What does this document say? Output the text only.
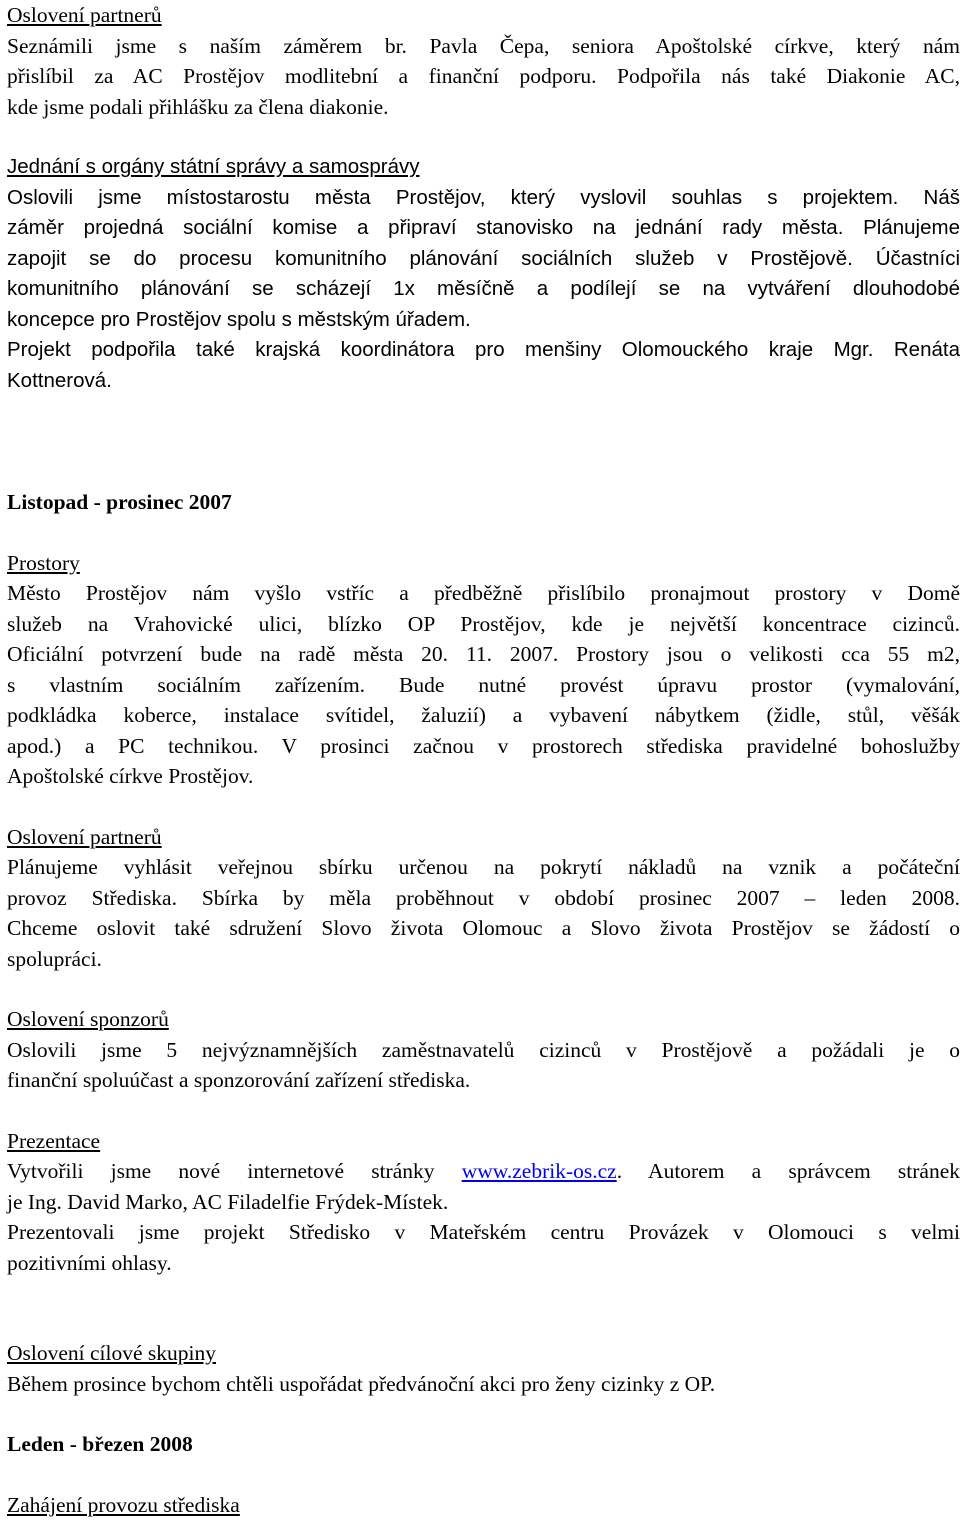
Oslovení partnerů

Seznámili jsme s naším záměrem br. Pavla Čepa, seniora Apoštolské církve, který nám

přislíbil za AC Prostějov modlitební a finanční podporu. Podpořila nás také Diakonie AC,

kde jsme podali přihlášku za člena diakonie.

Jednání s orgány státní správy a samosprávy

Oslovili jsme místostarostu města Prostějov, který vyslovil souhlas s projektem. Náš

záměr projedná sociální komise a připraví stanovisko na jednání rady města. Plánujeme

zapojit se do procesu komunitního plánování sociálních služeb v Prostějově. Účastníci

komunitního plánování se scházejí 1x měsíčně a podílejí se na vytváření dlouhodobé

koncepce pro Prostějov spolu s městským úřadem.

Projekt podpořila také krajská koordinátora pro menšiny Olomouckého kraje Mgr. Renáta

Kottnerová.

Listopad - prosinec 2007

Prostory

Město Prostějov nám vyšlo vstříc a předběžně přislíbilo pronajmout prostory v Domě

služeb na Vrahovické ulici, blízko OP Prostějov, kde je největší koncentrace cizinců.

Oficiální potvrzení bude na radě města 20. 11. 2007. Prostory jsou o velikosti cca 55 m2,

s vlastním sociálním zařízením. Bude nutné provést úpravu prostor (vymalování,

podkládka koberce, instalace svítidel, žaluzií) a vybavení nábytkem (židle, stůl, věšák

apod.) a PC technikou. V prosinci začnou v prostorech střediska pravidelné bohoslužby

Apoštolské církve Prostějov.

Oslovení partnerů

Plánujeme vyhlásit veřejnou sbírku určenou na pokrytí nákladů na vznik a počáteční

provoz Střediska. Sbírka by měla proběhnout v období prosinec 2007 – leden 2008.

Chceme oslovit také sdružení Slovo života Olomouc a Slovo života Prostějov se žádostí o

spolupráci.

Oslovení sponzorů

Oslovili jsme 5 nejvýznamnějších zaměstnavatelů cizinců v Prostějově a požádali je o

finanční spoluúčast a sponzorování zařízení střediska.

Prezentace

Vytvořili jsme nové internetové stránky www.zebrik-os.cz. Autorem a správcem stránek

je Ing. David Marko, AC Filadelfie Frýdek-Místek.

Prezentovali jsme projekt Středisko v Mateřském centru Provázek v Olomouci s velmi

pozitivními ohlasy.

Oslovení cílové skupiny

Během prosince bychom chtěli uspořádat předvánoční akci pro ženy cizinky z OP.

Leden - březen 2008

Zahájení provozu střediska
